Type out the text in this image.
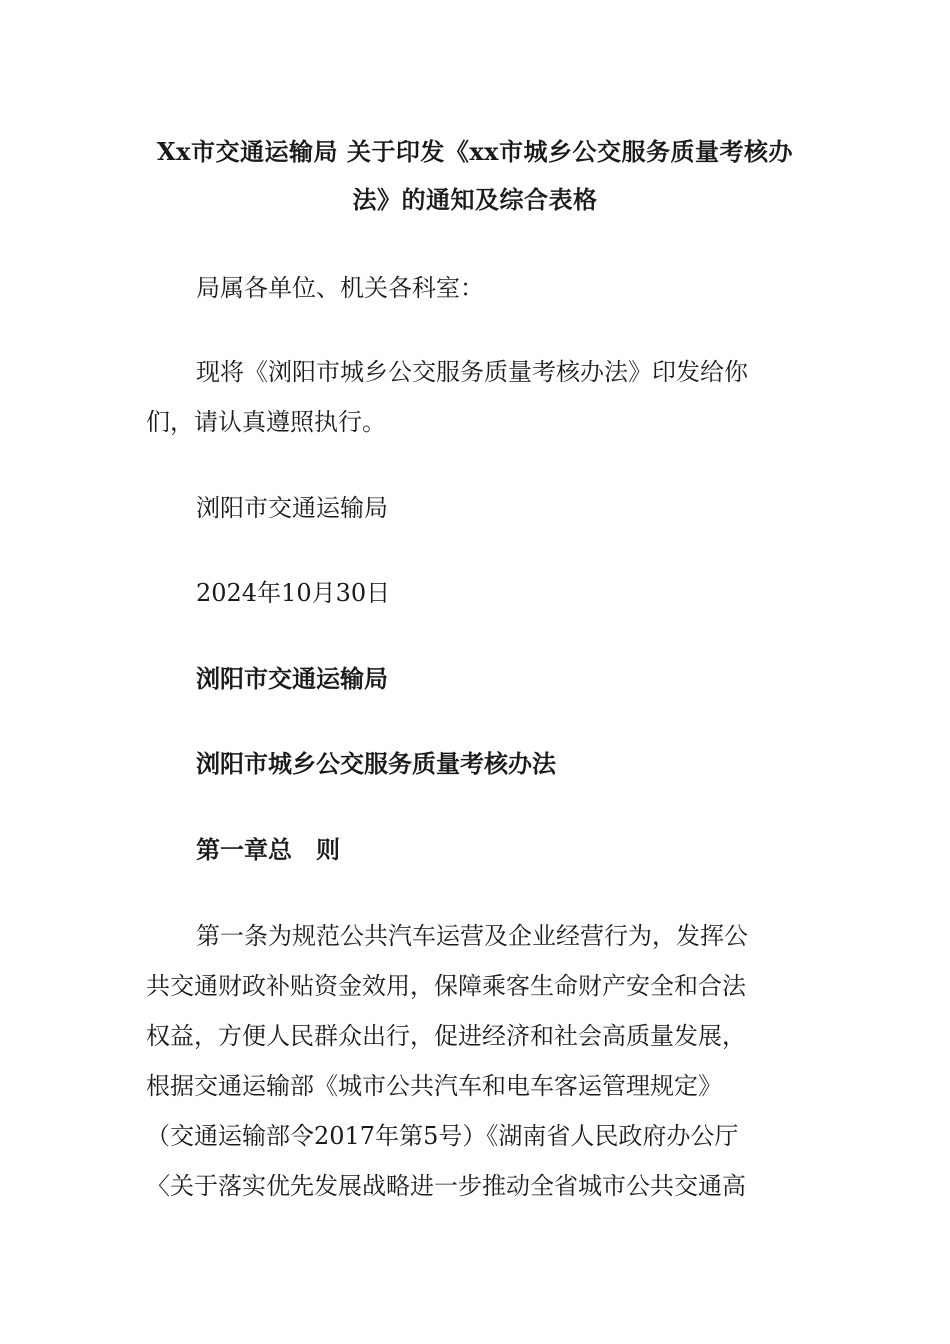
Xx市交通运输局 关于印发《xx市城乡公交服务质量考核办
法》的通知及综合表格
局属各单位、机关各科室：
现将《浏阳市城乡公交服务质量考核办法》印发给你
们，请认真遵照执行。
浏阳市交通运输局
2024年10月30日
浏阳市交通运输局
浏阳市城乡公交服务质量考核办法
第一章总　则
第一条为规范公共汽车运营及企业经营行为，发挥公
共交通财政补贴资金效用，保障乘客生命财产安全和合法
权益，方便人民群众出行，促进经济和社会高质量发展，
根据交通运输部《城市公共汽车和电车客运管理规定》
（交通运输部令2017年第5号）《湖南省人民政府办公厅
〈关于落实优先发展战略进一步推动全省城市公共交通高
